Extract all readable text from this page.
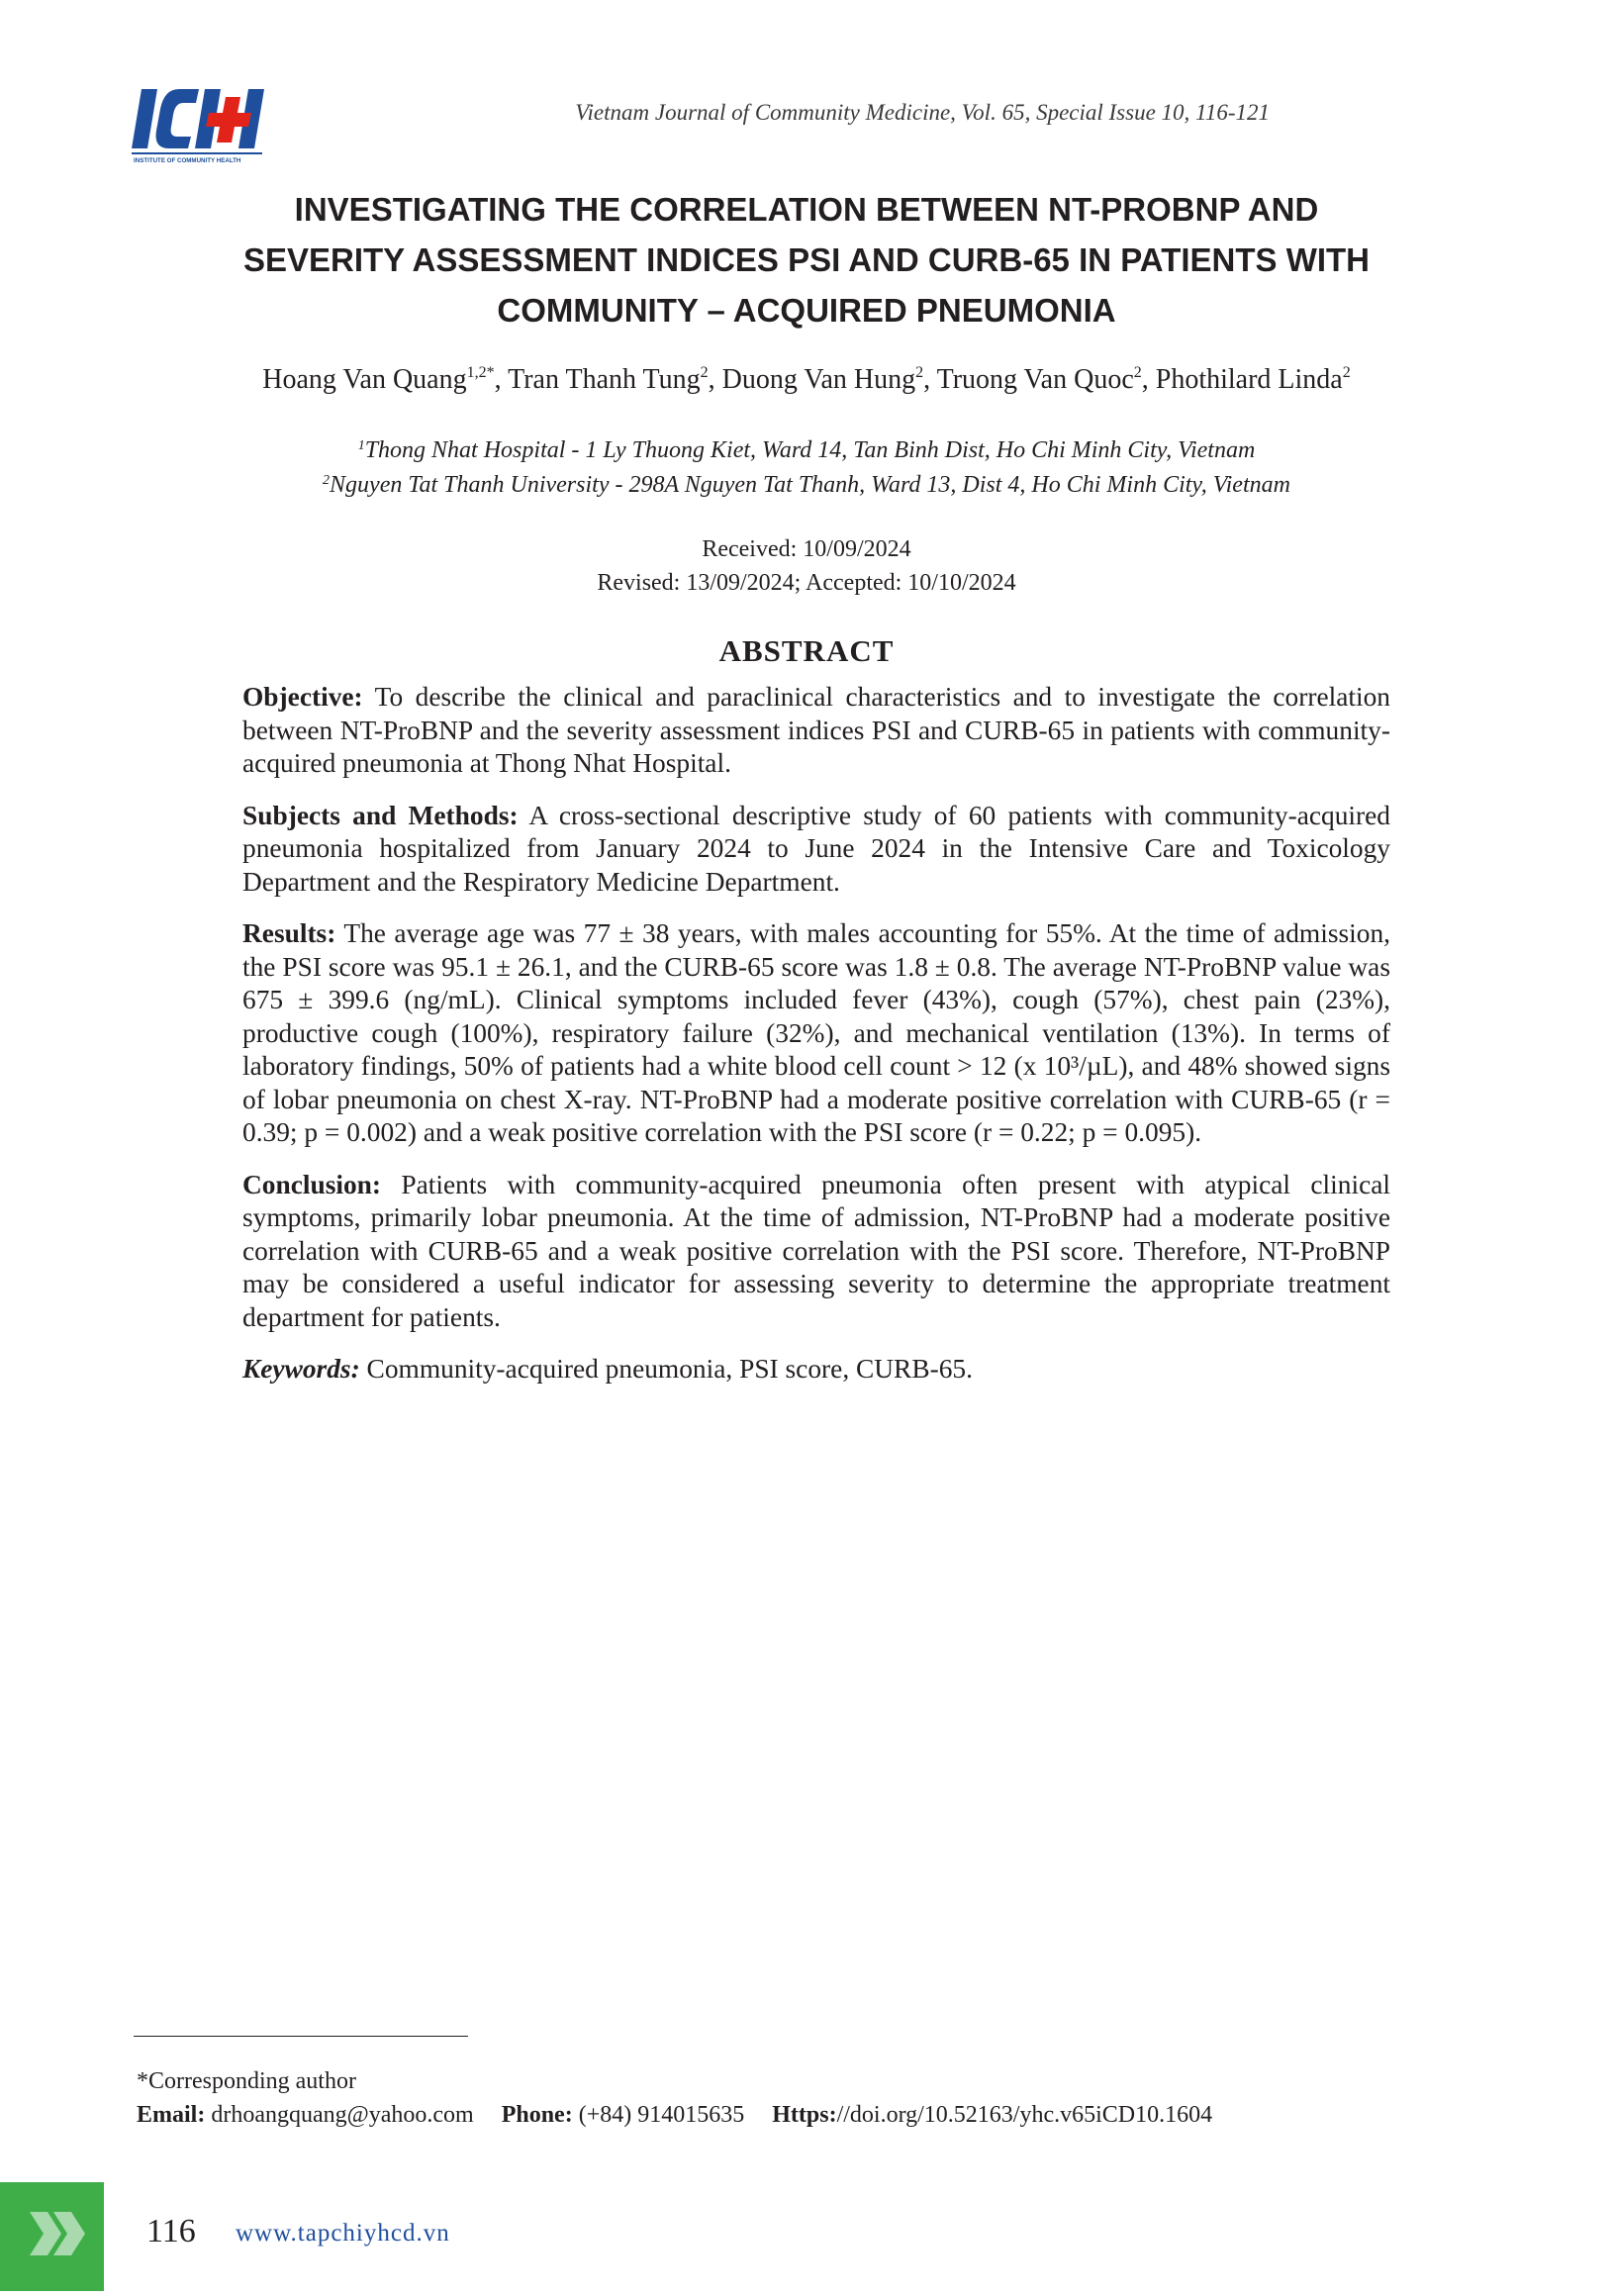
INSTITUTE OF COMMUNITY HEALTH
Vietnam Journal of Community Medicine, Vol. 65, Special Issue 10, 116-121
INVESTIGATING THE CORRELATION BETWEEN NT-PROBNP AND
SEVERITY ASSESSMENT INDICES PSI AND CURB-65 IN PATIENTS WITH
COMMUNITY – ACQUIRED PNEUMONIA
Hoang Van Quang$^{1,2*}$, Tran Thanh Tung$^2$, Duong Van Hung$^2$, Truong Van Quoc$^2$, Phothilard Linda$^2$
$^1$Thong Nhat Hospital - 1 Ly Thuong Kiet, Ward 14, Tan Binh Dist, Ho Chi Minh City, Vietnam
$^2$Nguyen Tat Thanh University - 298A Nguyen Tat Thanh, Ward 13, Dist 4, Ho Chi Minh City, Vietnam
Received: 10/09/2024
Revised: 13/09/2024; Accepted: 10/10/2024
ABSTRACT

Objective: To describe the clinical and paraclinical characteristics and to investigate the correlation between NT-ProBNP and the severity assessment indices PSI and CURB-65 in patients with community-acquired pneumonia at Thong Nhat Hospital.

Subjects and Methods: A cross-sectional descriptive study of 60 patients with community-acquired pneumonia hospitalized from January 2024 to June 2024 in the Intensive Care and Toxicology Department and the Respiratory Medicine Department.

Results: The average age was 77 ± 38 years, with males accounting for 55%. At the time of admission, the PSI score was 95.1 ± 26.1, and the CURB-65 score was 1.8 ± 0.8. The average NT-ProBNP value was 675 ± 399.6 (ng/mL). Clinical symptoms included fever (43%), cough (57%), chest pain (23%), productive cough (100%), respiratory failure (32%), and mechanical ventilation (13%). In terms of laboratory findings, 50% of patients had a white blood cell count > 12 (x 10³/µL), and 48% showed signs of lobar pneumonia on chest X-ray. NT-ProBNP had a moderate positive correlation with CURB-65 (r = 0.39; p = 0.002) and a weak positive correlation with the PSI score (r = 0.22; p = 0.095).

Conclusion: Patients with community-acquired pneumonia often present with atypical clinical symptoms, primarily lobar pneumonia. At the time of admission, NT-ProBNP had a moderate positive correlation with CURB-65 and a weak positive correlation with the PSI score. Therefore, NT-ProBNP may be considered a useful indicator for assessing severity to determine the appropriate treatment department for patients.

Keywords: Community-acquired pneumonia, PSI score, CURB-65.

*Corresponding author
Email: drhoangquang@yahoo.com Phone: (+84) 914015635 Https://doi.org/10.52163/yhc.v65iCD10.1604
116 www.tapchiyhcd.vn
